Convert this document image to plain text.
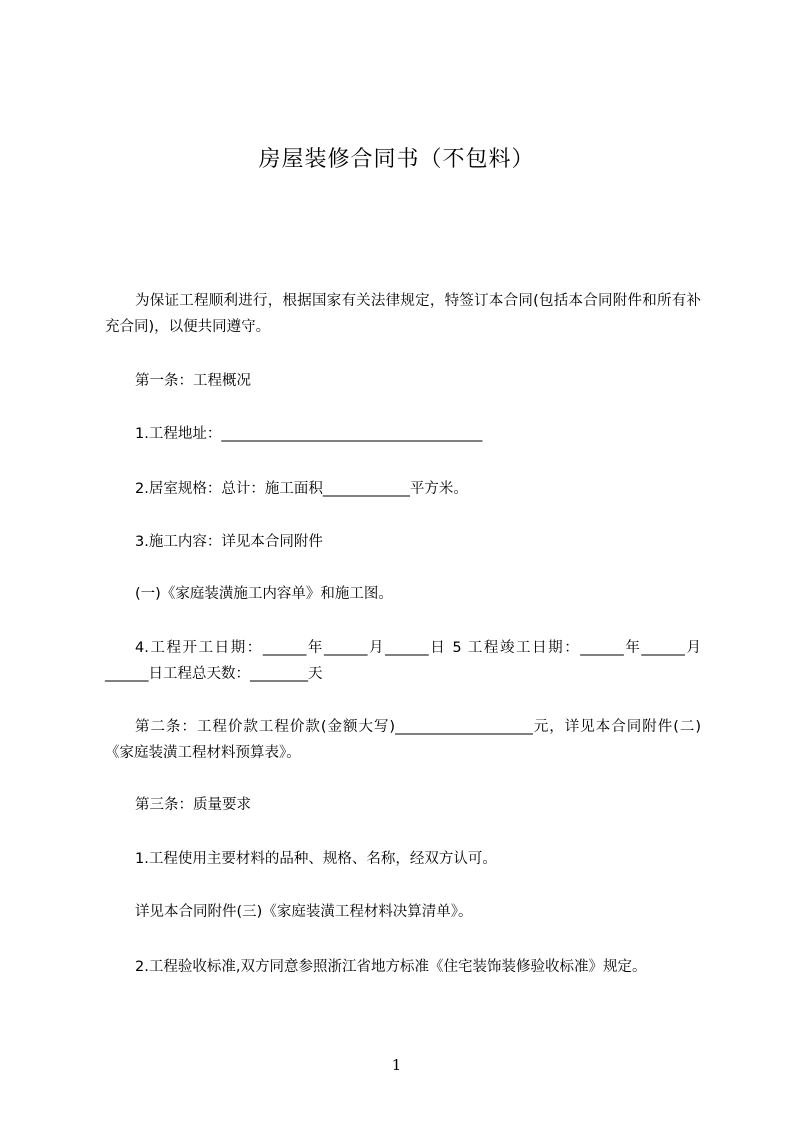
房屋装修合同书（不包料）
为保证工程顺利进行，根据国家有关法律规定，特签订本合同(包括本合同附件和所有补充合同)，以便共同遵守。
第一条：工程概况
1.工程地址：____________________________________
2.居室规格：总计：施工面积____________平方米。
3.施工内容：详见本合同附件
(一)《家庭装潢施工内容单》和施工图。
4.工程开工日期：______年______月______日 5 工程竣工日期：______年______月______日工程总天数：________天
第二条：工程价款工程价款(金额大写)___________________元，详见本合同附件(二)《家庭装潢工程材料预算表》。
第三条：质量要求
1.工程使用主要材料的品种、规格、名称，经双方认可。
详见本合同附件(三)《家庭装潢工程材料决算清单》。
2.工程验收标准,双方同意参照浙江省地方标准《住宅装饰装修验收标准》规定。
1
